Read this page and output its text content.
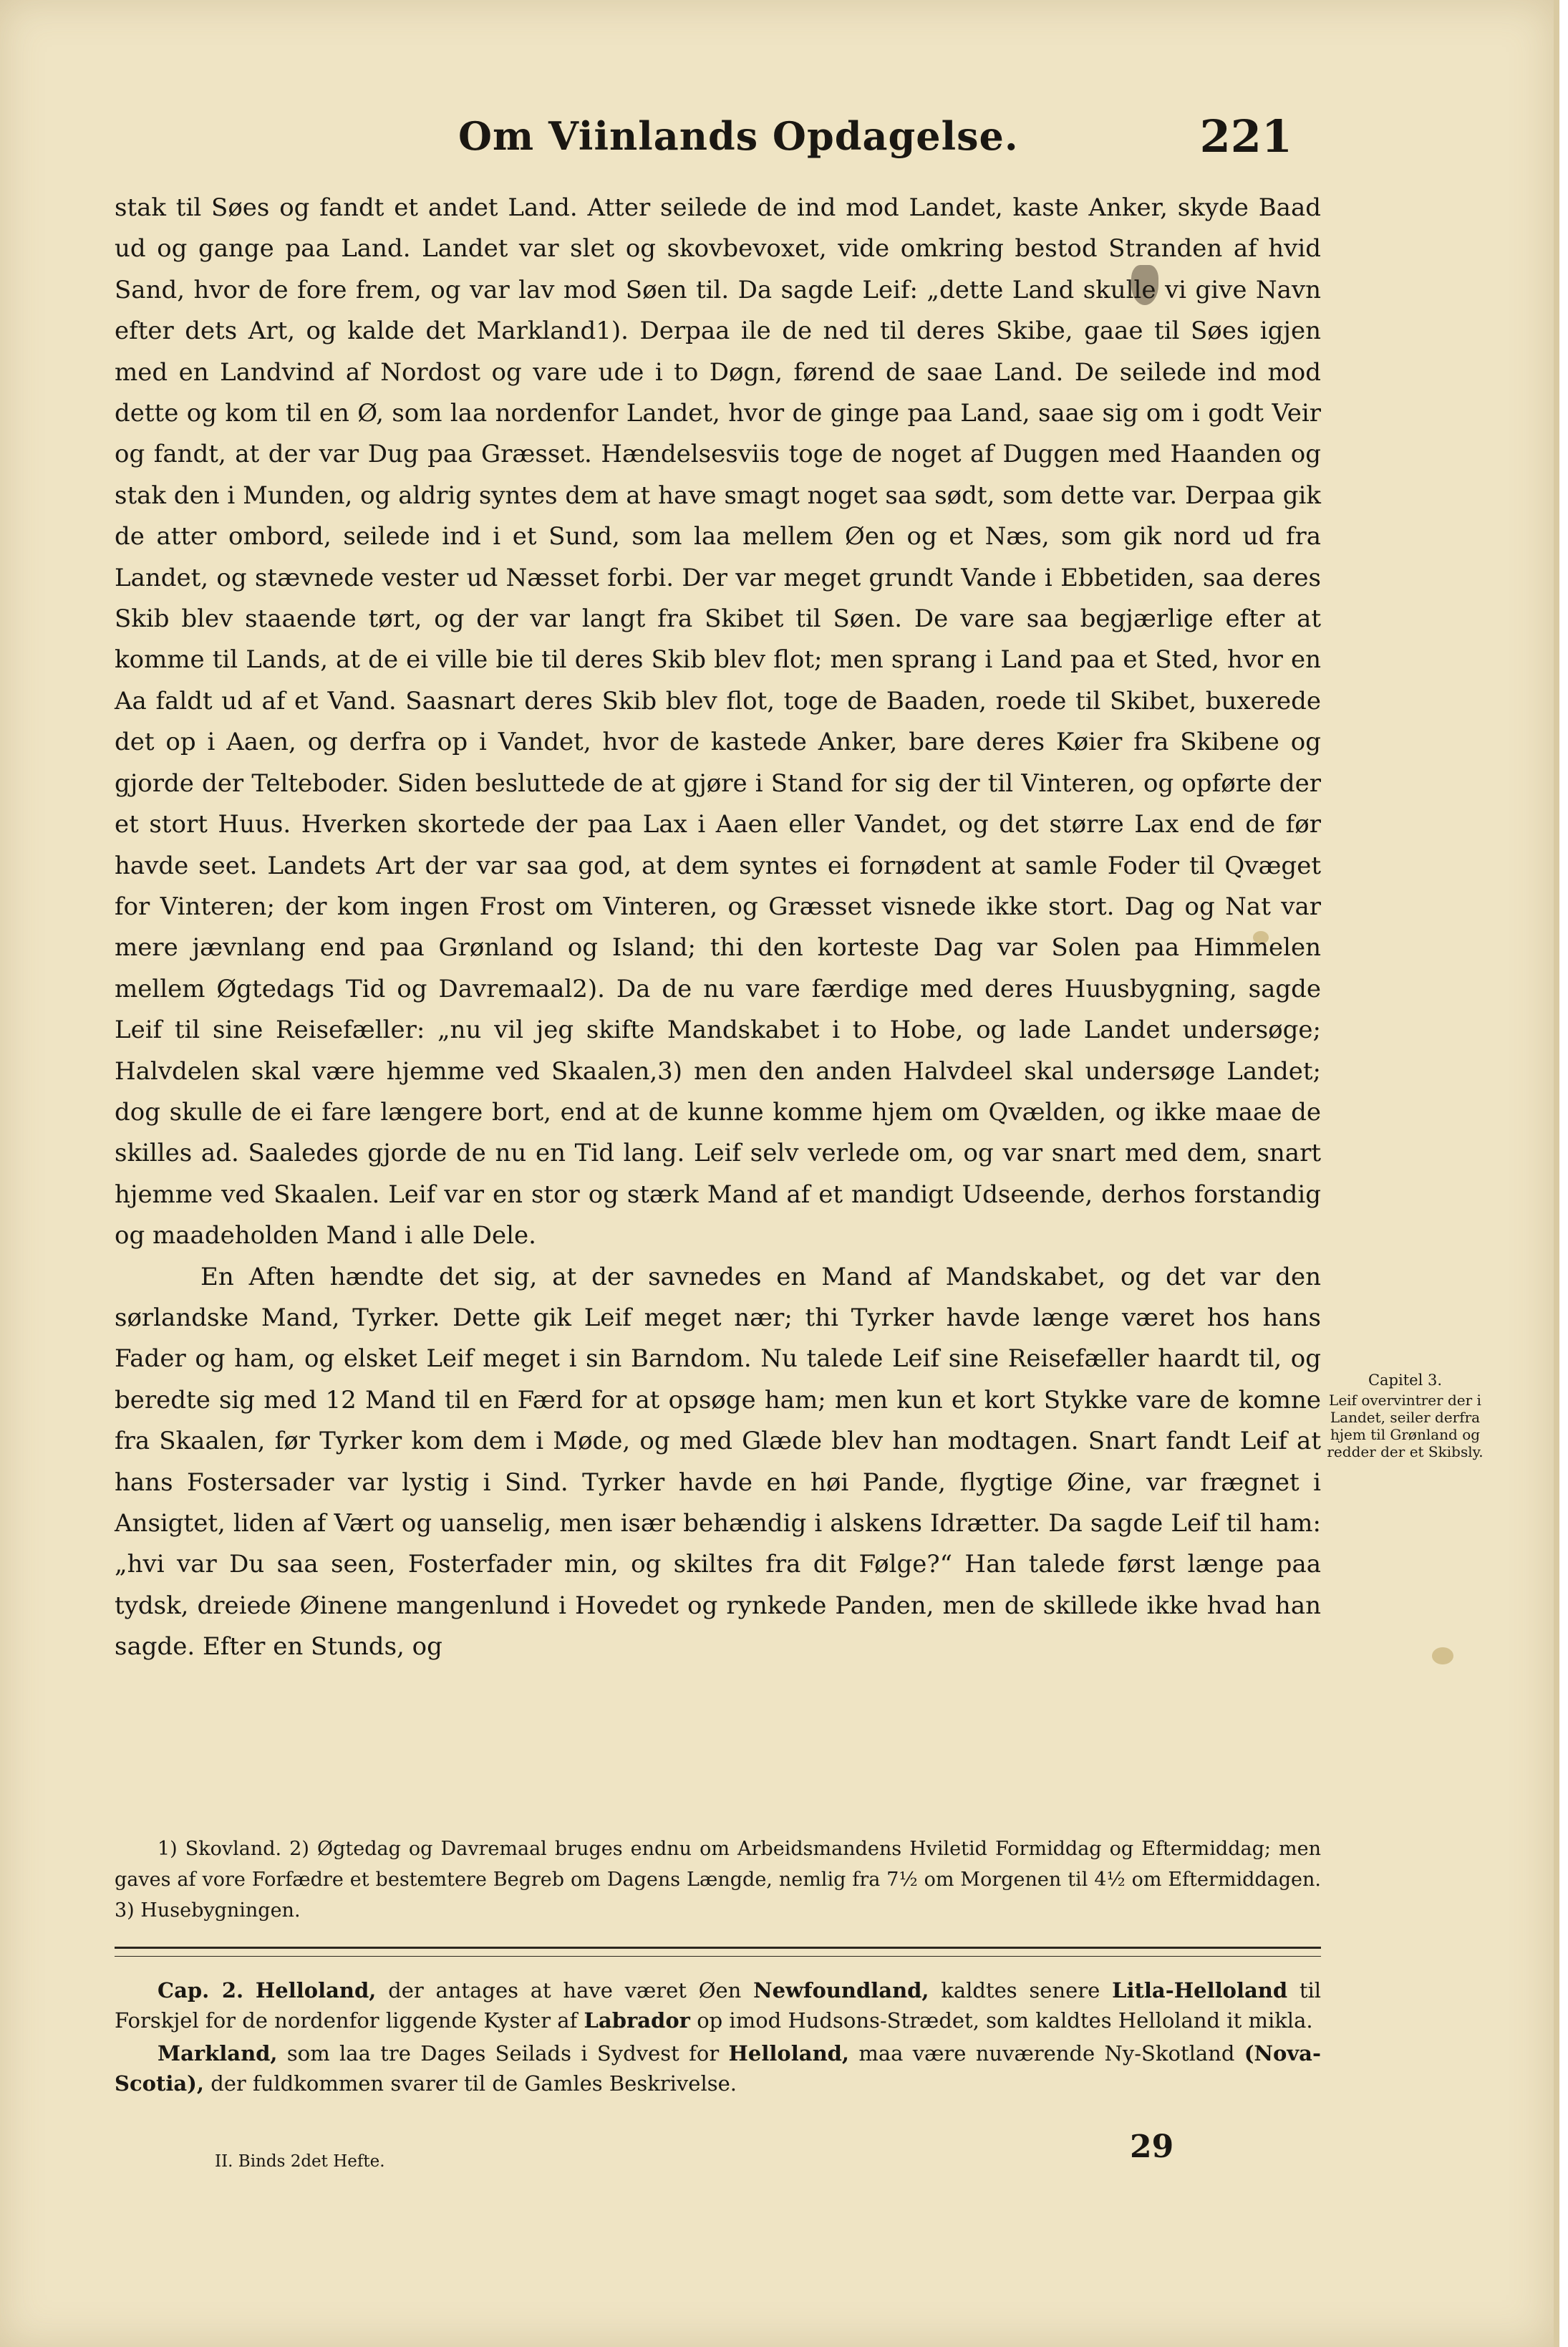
Om Viinlands Opdagelse.	221

stak til Søes og fandt et andet Land. Atter seilede de ind mod Landet, kaste Anker, skyde Baad ud og gange paa Land. Landet var slet og skovbevoxet, vide omkring bestod Stranden af hvid Sand, hvor de fore frem, og var lav mod Søen til. Da sagde Leif: „dette Land skulle vi give Navn efter dets Art, og kalde det Markland1). Derpaa ile de ned til deres Skibe, gaae til Søes igjen med en Landvind af Nordost og vare ude i to Døgn, førend de saae Land. De seilede ind mod dette og kom til en Ø, som laa nordenfor Landet, hvor de ginge paa Land, saae sig om i godt Veir og fandt, at der var Dug paa Græsset. Hændelsesviis toge de noget af Duggen med Haanden og stak den i Munden, og aldrig syntes dem at have smagt noget saa sødt, som dette var. Derpaa gik de atter ombord, seilede ind i et Sund, som laa mellem Øen og et Næs, som gik nord ud fra Landet, og stævnede vester ud Næsset forbi. Der var meget grundt Vande i Ebbetiden, saa deres Skib blev staaende tørt, og der var langt fra Skibet til Søen. De vare saa begjærlige efter at komme til Lands, at de ei ville bie til deres Skib blev flot; men sprang i Land paa et Sted, hvor en Aa faldt ud af et Vand. Saasnart deres Skib blev flot, toge de Baaden, roede til Skibet, buxerede det op i Aaen, og derfra op i Vandet, hvor de kastede Anker, bare deres Køier fra Skibene og gjorde der Telteboder. Siden besluttede de at gjøre i Stand for sig der til Vinteren, og opførte der et stort Huus. Hverken skortede der paa Lax i Aaen eller Vandet, og det større Lax end de før havde seet. Landets Art der var saa god, at dem syntes ei fornødent at samle Foder til Qvæget for Vinteren; der kom ingen Frost om Vinteren, og Græsset visnede ikke stort. Dag og Nat var mere jævnlang end paa Grønland og Island; thi den korteste Dag var Solen paa Himmelen mellem Øgtedags Tid og Davremaal2). Da de nu vare færdige med deres Huusbygning, sagde Leif til sine Reisefæller: „nu vil jeg skifte Mandskabet i to Hobe, og lade Landet undersøge; Halvdelen skal være hjemme ved Skaalen,3) men den anden Halvdeel skal undersøge Landet; dog skulle de ei fare længere bort, end at de kunne komme hjem om Qvælden, og ikke maae de skilles ad. Saaledes gjorde de nu en Tid lang. Leif selv verlede om, og var snart med dem, snart hjemme ved Skaalen. Leif var en stor og stærk Mand af et mandigt Udseende, derhos forstandig og maadeholden Mand i alle Dele.

En Aften hændte det sig, at der savnedes en Mand af Mandskabet, og det var den sørlandske Mand, Tyrker. Dette gik Leif meget nær; thi Tyrker havde længe været hos hans Fader og ham, og elsket Leif meget i sin Barndom. Nu talede Leif sine Reisefæller haardt til, og beredte sig med 12 Mand til en Færd for at opsøge ham; men kun et kort Stykke vare de komne fra Skaalen, før Tyrker kom dem i Møde, og med Glæde blev han modtagen. Snart fandt Leif at hans Fostersader var lystig i Sind. Tyrker havde en høi Pande, flygtige Øine, var frægnet i Ansigtet, liden af Vært og uanselig, men især behændig i alskens Idrætter. Da sagde Leif til ham: „hvi var Du saa seen, Fosterfader min, og skiltes fra dit Følge?“ Han talede først længe paa tydsk, dreiede Øinene mangenlund i Hovedet og rynkede Panden, men de skillede ikke hvad han sagde. Efter en Stunds, og

Capitel 3.
Leif overvintrer der i Landet, seiler derfra hjem til Grønland og redder der et Skibsly.

1) Skovland. 2) Øgtedag og Davremaal bruges endnu om Arbeidsmandens Hviletid Formiddag og Eftermiddag; men gaves af vore Forfædre et bestemtere Begreb om Dagens Længde, nemlig fra 7½ om Morgenen til 4½ om Eftermiddagen. 3) Husebygningen.

Cap. 2. Helloland, der antages at have været Øen Newfoundland, kaldtes senere Litla-Helloland til Forskjel for de nordenfor liggende Kyster af Labrador op imod Hudsons-Strædet, som kaldtes Helloland it mikla.

Markland, som laa tre Dages Seilads i Sydvest for Helloland, maa være nuværende Ny-Skotland (Nova-Scotia), der fuldkommen svarer til de Gamles Beskrivelse.

II. Binds 2det Hefte.	29
